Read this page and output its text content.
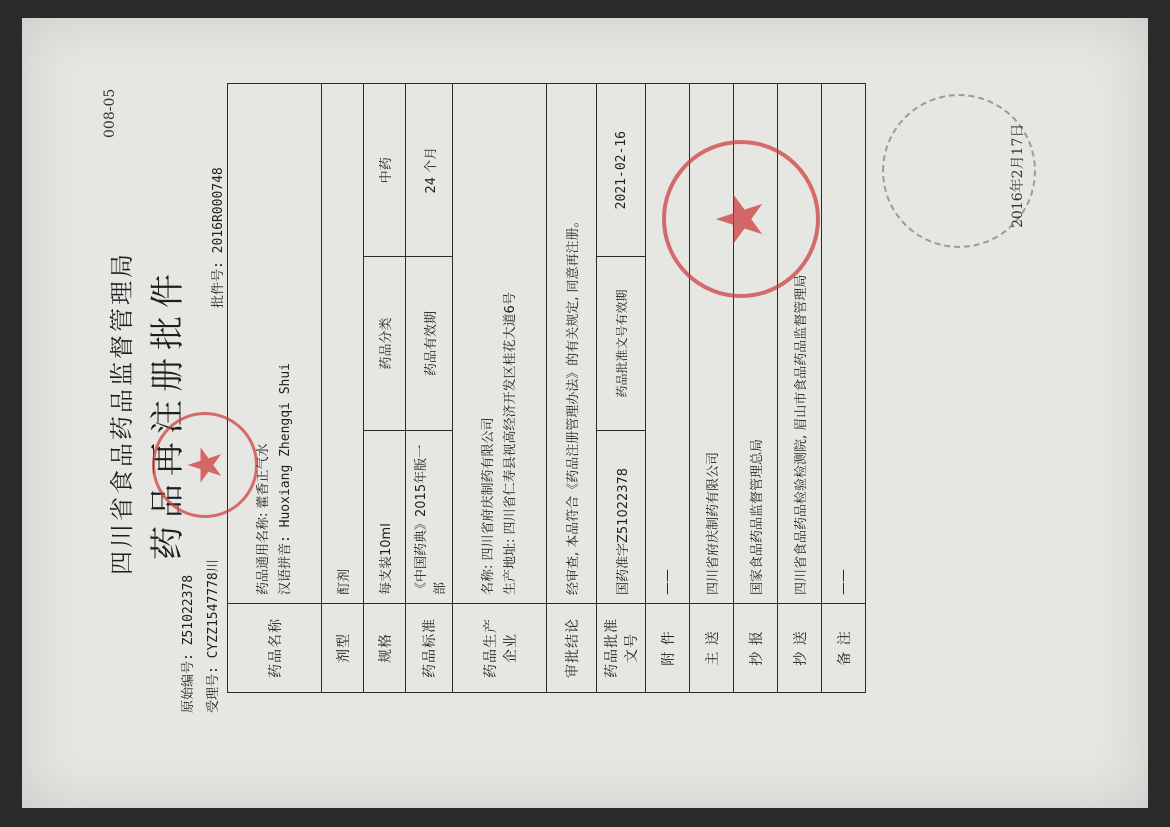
008-05
四川省食品药品监督管理局 药品再注册批件
原始编号: Z51022378 受理号: CYZZ1547778川
批件号: 2016R000748
药品名称	药品通用名称: 藿香正气水 汉语拼音: Huoxiang Zhengqi Shui		

剂型	酊剂		
规格	每支装10ml	药品分类	中药
药品标准	《中国药典》2015年版一部	药品有效期	24 个月
药品生产企业	名称: 四川省府庆制药有限公司 生产地址: 四川省仁寿县视高经济开发区桂花大道6号		

审批结论	经审查, 本品符合《药品注册管理办法》的有关规定, 同意再注册。		
药品批准文号	国药准字Z51022378	药品批准文号有效期	2021-02-16
附 件	——		
主 送	四川省府庆制药有限公司		
抄 报	国家食品药品监督管理总局		
抄 送	四川省食品药品检验检测院, 眉山市食品药品监督管理局		
备 注	——		
★
★	2016年2月17日
